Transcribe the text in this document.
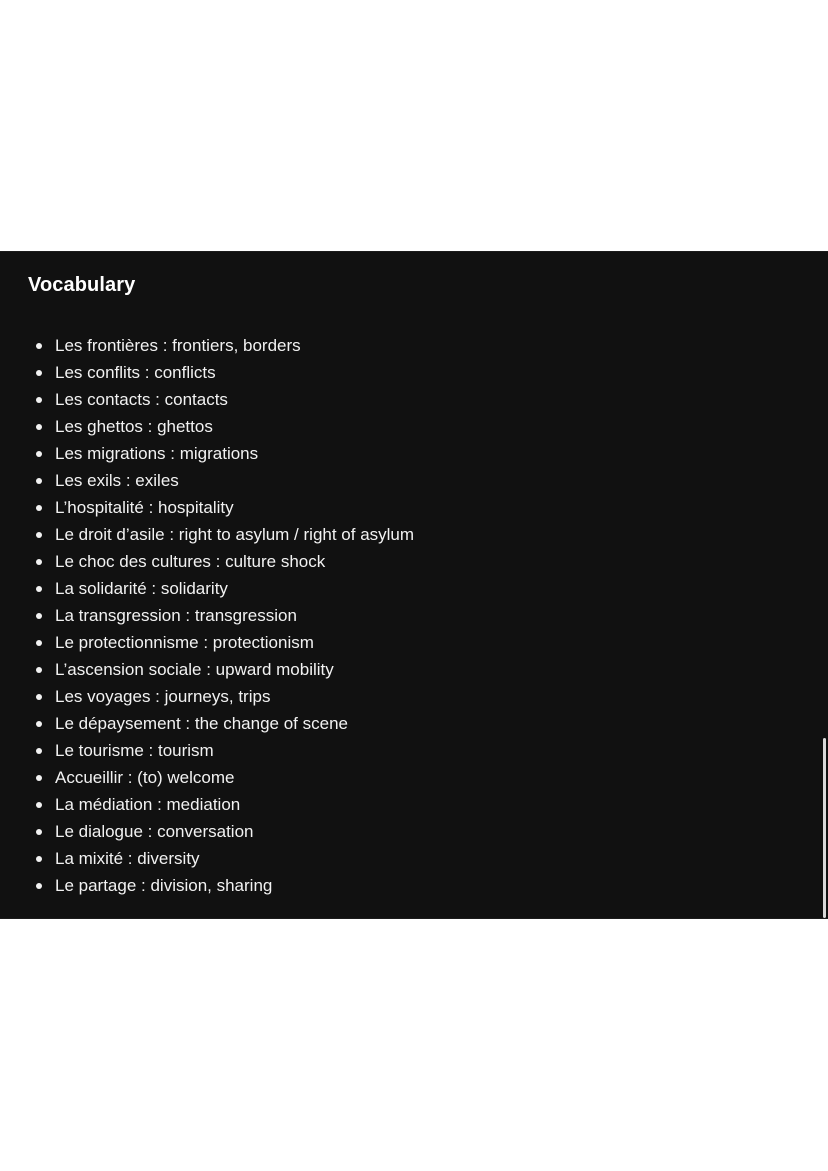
Vocabulary
Les frontières : frontiers, borders
Les conflits : conflicts
Les contacts : contacts
Les ghettos : ghettos
Les migrations : migrations
Les exils : exiles
L’hospitalité : hospitality
Le droit d’asile : right to asylum / right of asylum
Le choc des cultures : culture shock
La solidarité : solidarity
La transgression : transgression
Le protectionnisme : protectionism
L’ascension sociale : upward mobility
Les voyages : journeys, trips
Le dépaysement : the change of scene
Le tourisme : tourism
Accueillir : (to) welcome
La médiation : mediation
Le dialogue : conversation
La mixité : diversity
Le partage : division, sharing
